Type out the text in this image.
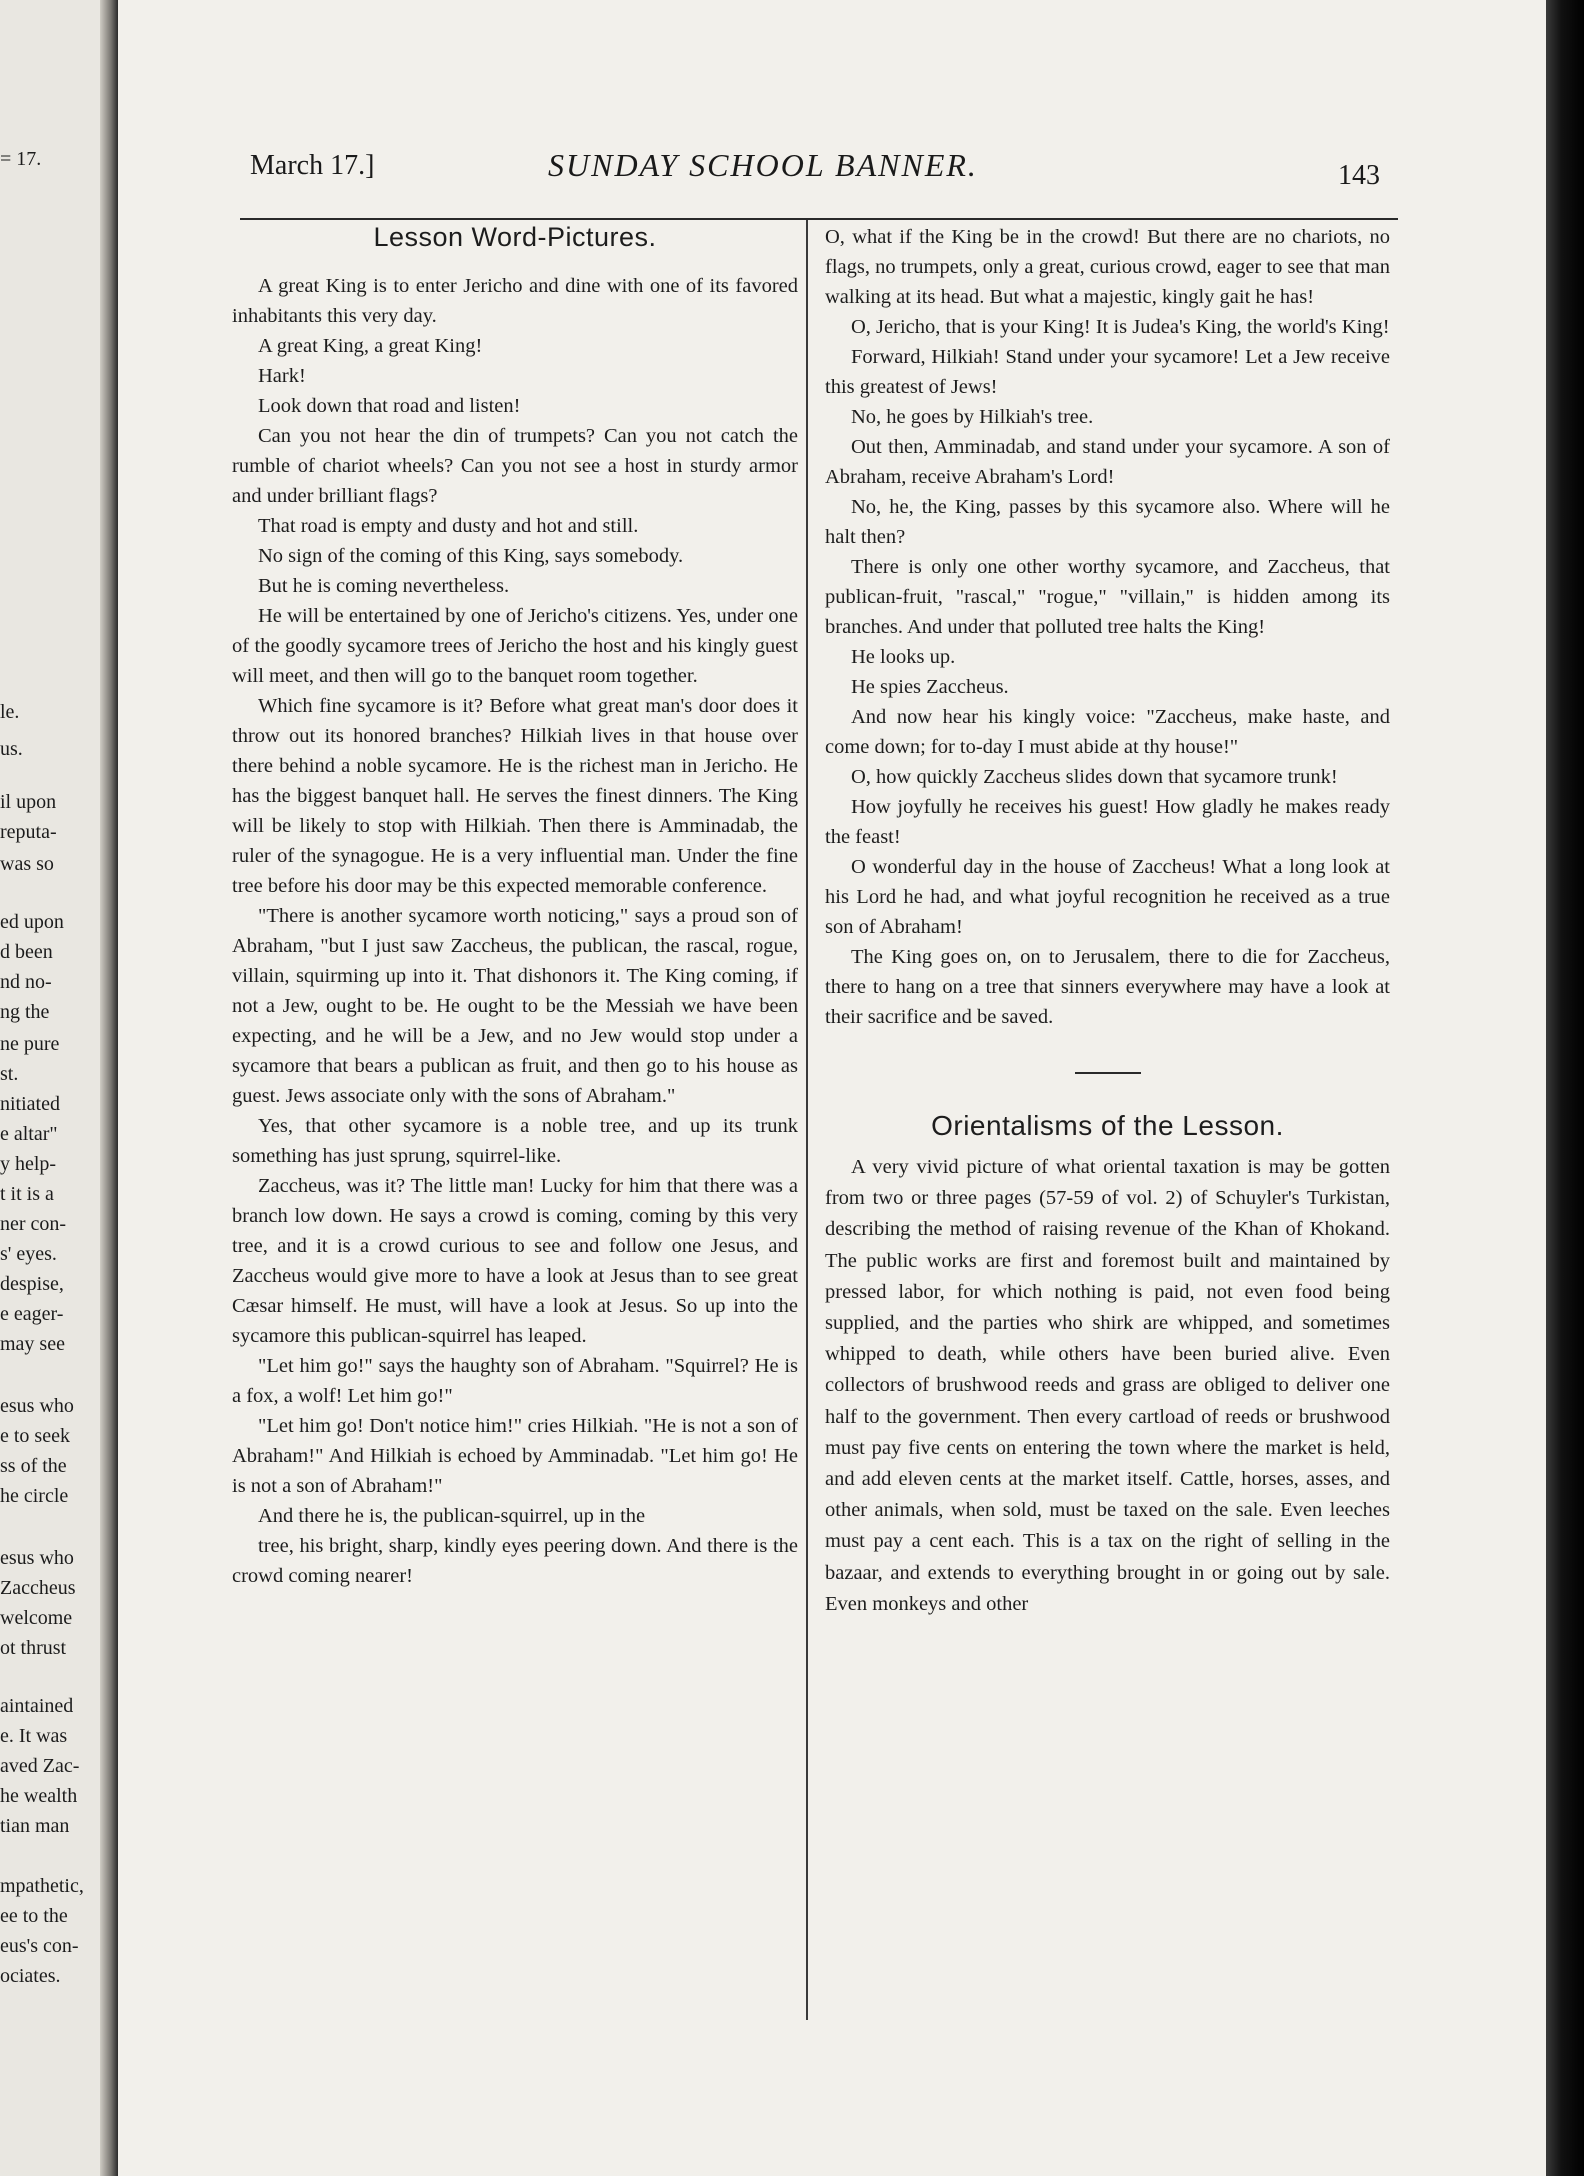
= 17.
le.
us.
il upon
reputa-
was so
ed upon
d been
nd no-
ng the
ne pure
st.
nitiated
e altar"
y help-
t it is a
ner con-
s' eyes.
despise,
e eager-
may see
esus who
e to seek
ss of the
he circle
esus who
Zaccheus
welcome
ot thrust
aintained
e. It was
aved Zac-
he wealth
tian man
mpathetic,
ee to the
eus's con-
ociates.
March 17.]	SUNDAY SCHOOL BANNER.	143
Lesson Word-Pictures.

A great King is to enter Jericho and dine with one of its favored inhabitants this very day.

A great King, a great King!

Hark!

Look down that road and listen!

Can you not hear the din of trumpets? Can you not catch the rumble of chariot wheels? Can you not see a host in sturdy armor and under brilliant flags?

That road is empty and dusty and hot and still.

No sign of the coming of this King, says somebody.

But he is coming nevertheless.

He will be entertained by one of Jericho's citizens. Yes, under one of the goodly sycamore trees of Jericho the host and his kingly guest will meet, and then will go to the banquet room together.

Which fine sycamore is it? Before what great man's door does it throw out its honored branches? Hilkiah lives in that house over there behind a noble sycamore. He is the richest man in Jericho. He has the biggest banquet hall. He serves the finest dinners. The King will be likely to stop with Hilkiah. Then there is Amminadab, the ruler of the synagogue. He is a very influential man. Under the fine tree before his door may be this expected memorable conference.

"There is another sycamore worth noticing," says a proud son of Abraham, "but I just saw Zaccheus, the publican, the rascal, rogue, villain, squirming up into it. That dishonors it. The King coming, if not a Jew, ought to be. He ought to be the Messiah we have been expecting, and he will be a Jew, and no Jew would stop under a sycamore that bears a publican as fruit, and then go to his house as guest. Jews associate only with the sons of Abraham."

Yes, that other sycamore is a noble tree, and up its trunk something has just sprung, squirrel-like.

Zaccheus, was it? The little man! Lucky for him that there was a branch low down. He says a crowd is coming, coming by this very tree, and it is a crowd curious to see and follow one Jesus, and Zaccheus would give more to have a look at Jesus than to see great Cæsar himself. He must, will have a look at Jesus. So up into the sycamore this publican-squirrel has leaped.

"Let him go!" says the haughty son of Abraham. "Squirrel? He is a fox, a wolf! Let him go!"

"Let him go! Don't notice him!" cries Hilkiah. "He is not a son of Abraham!" And Hilkiah is echoed by Amminadab. "Let him go! He is not a son of Abraham!"

And there he is, the publican-squirrel, up in the

tree, his bright, sharp, kindly eyes peering down. And there is the crowd coming nearer!

O, what if the King be in the crowd! But there are no chariots, no flags, no trumpets, only a great, curious crowd, eager to see that man walking at its head. But what a majestic, kingly gait he has!

O, Jericho, that is your King! It is Judea's King, the world's King!

Forward, Hilkiah! Stand under your sycamore! Let a Jew receive this greatest of Jews!

No, he goes by Hilkiah's tree.

Out then, Amminadab, and stand under your sycamore. A son of Abraham, receive Abraham's Lord!

No, he, the King, passes by this sycamore also. Where will he halt then?

There is only one other worthy sycamore, and Zaccheus, that publican-fruit, "rascal," "rogue," "villain," is hidden among its branches. And under that polluted tree halts the King!

He looks up.

He spies Zaccheus.

And now hear his kingly voice: "Zaccheus, make haste, and come down; for to-day I must abide at thy house!"

O, how quickly Zaccheus slides down that sycamore trunk!

How joyfully he receives his guest! How gladly he makes ready the feast!

O wonderful day in the house of Zaccheus! What a long look at his Lord he had, and what joyful recognition he received as a true son of Abraham!

The King goes on, on to Jerusalem, there to die for Zaccheus, there to hang on a tree that sinners everywhere may have a look at their sacrifice and be saved.

Orientalisms of the Lesson.

A very vivid picture of what oriental taxation is may be gotten from two or three pages (57-59 of vol. 2) of Schuyler's Turkistan, describing the method of raising revenue of the Khan of Khokand. The public works are first and foremost built and maintained by pressed labor, for which nothing is paid, not even food being supplied, and the parties who shirk are whipped, and sometimes whipped to death, while others have been buried alive. Even collectors of brushwood reeds and grass are obliged to deliver one half to the government. Then every cartload of reeds or brushwood must pay five cents on entering the town where the market is held, and add eleven cents at the market itself. Cattle, horses, asses, and other animals, when sold, must be taxed on the sale. Even leeches must pay a cent each. This is a tax on the right of selling in the bazaar, and extends to everything brought in or going out by sale. Even monkeys and other
